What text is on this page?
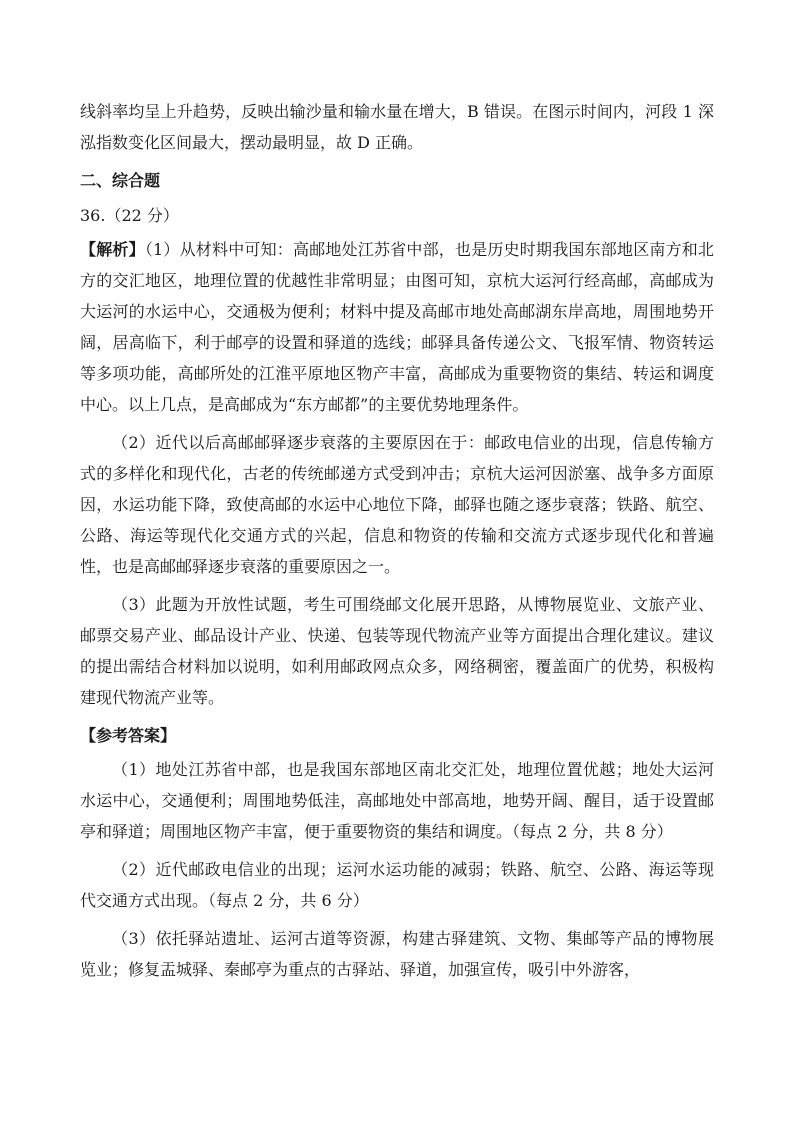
线斜率均呈上升趋势，反映出输沙量和输水量在增大，B 错误。在图示时间内，河段 1 深泓指数变化区间最大，摆动最明显，故 D 正确。

二、综合题
36.（22 分）

【解析】（1）从材料中可知：高邮地处江苏省中部，也是历史时期我国东部地区南方和北方的交汇地区，地理位置的优越性非常明显；由图可知，京杭大运河行经高邮，高邮成为大运河的水运中心，交通极为便利；材料中提及高邮市地处高邮湖东岸高地，周围地势开阔，居高临下，利于邮亭的设置和驿道的选线；邮驿具备传递公文、飞报军情、物资转运等多项功能，高邮所处的江淮平原地区物产丰富，高邮成为重要物资的集结、转运和调度中心。以上几点，是高邮成为“东方邮都”的主要优势地理条件。

（2）近代以后高邮邮驿逐步衰落的主要原因在于：邮政电信业的出现，信息传输方式的多样化和现代化，古老的传统邮递方式受到冲击；京杭大运河因淤塞、战争多方面原因，水运功能下降，致使高邮的水运中心地位下降，邮驿也随之逐步衰落；铁路、航空、公路、海运等现代化交通方式的兴起，信息和物资的传输和交流方式逐步现代化和普遍性，也是高邮邮驿逐步衰落的重要原因之一。

（3）此题为开放性试题，考生可围绕邮文化展开思路，从博物展览业、文旅产业、邮票交易产业、邮品设计产业、快递、包装等现代物流产业等方面提出合理化建议。建议的提出需结合材料加以说明，如利用邮政网点众多，网络稠密，覆盖面广的优势，积极构建现代物流产业等。

【参考答案】

（1）地处江苏省中部，也是我国东部地区南北交汇处，地理位置优越；地处大运河水运中心，交通便利；周围地势低洼，高邮地处中部高地，地势开阔、醒目，适于设置邮亭和驿道；周围地区物产丰富，便于重要物资的集结和调度。（每点 2 分，共 8 分）

（2）近代邮政电信业的出现；运河水运功能的减弱；铁路、航空、公路、海运等现代交通方式出现。（每点 2 分，共 6 分）

（3）依托驿站遗址、运河古道等资源，构建古驿建筑、文物、集邮等产品的博物展览业；修复盂城驿、秦邮亭为重点的古驿站、驿道，加强宣传，吸引中外游客，
